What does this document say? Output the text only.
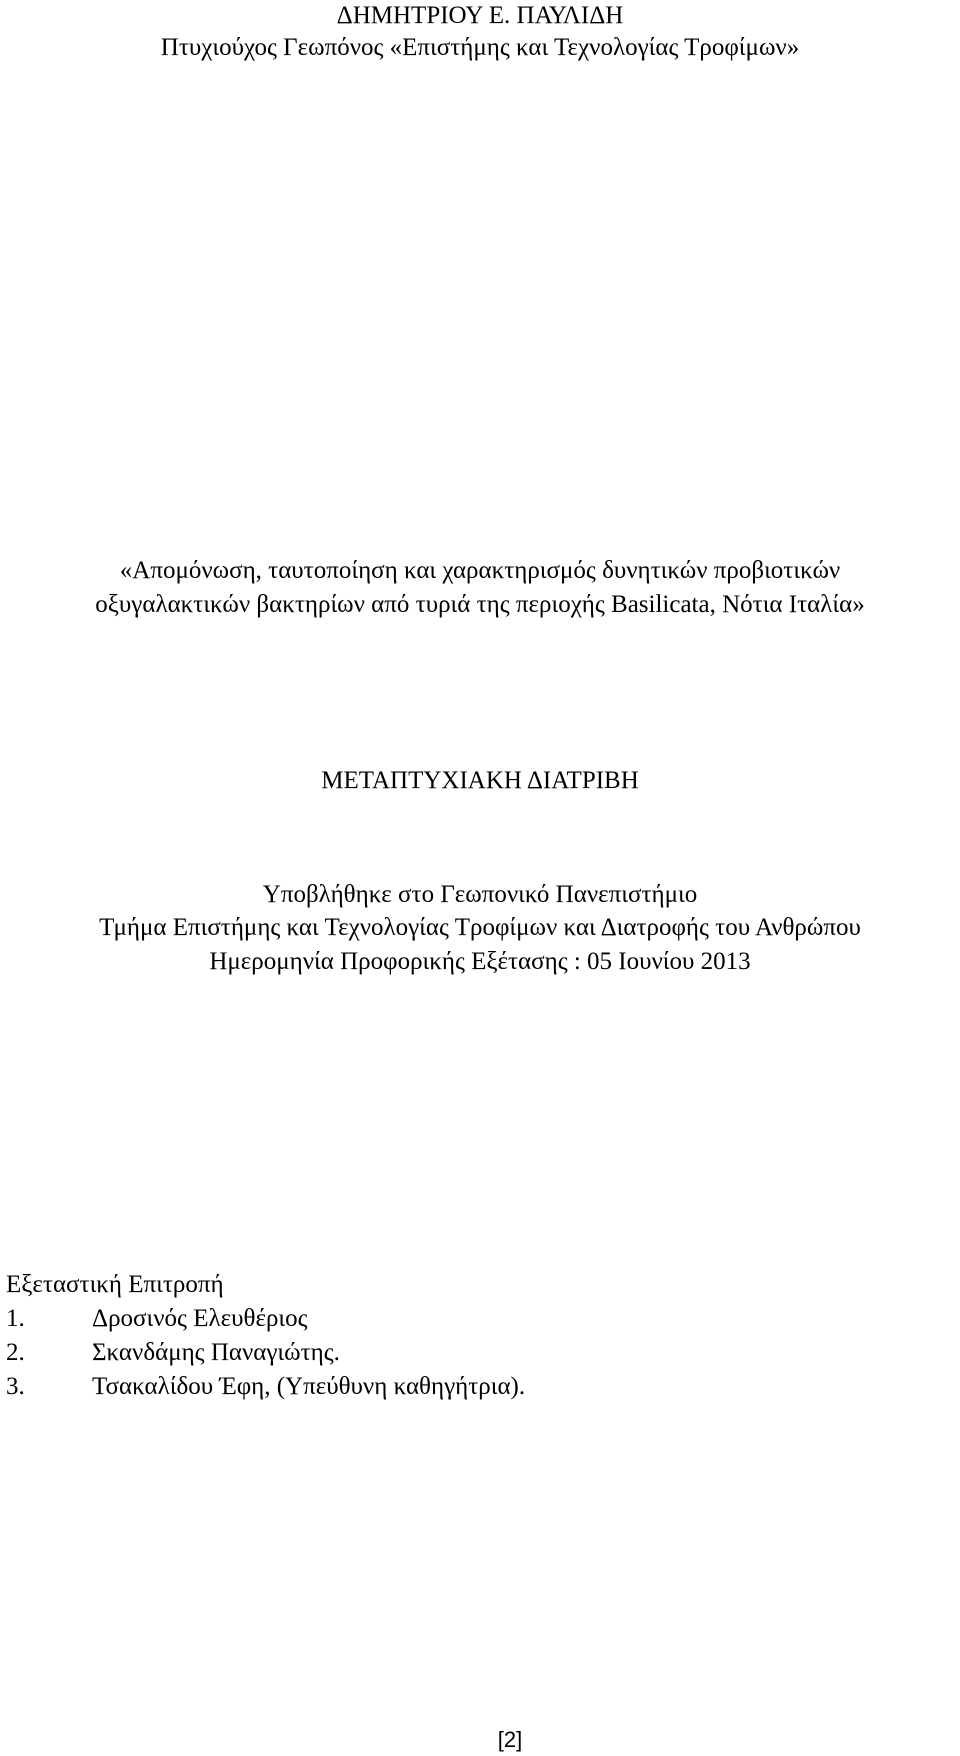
ΔΗΜΗΤΡΙΟΥ Ε. ΠΑΥΛΙΔΗ
Πτυχιούχος Γεωπόνος «Επιστήμης και Τεχνολογίας Τροφίμων»
«Απομόνωση, ταυτοποίηση και χαρακτηρισμός δυνητικών προβιοτικών
οξυγαλακτικών βακτηρίων από τυριά της περιοχής Basilicata, Νότια Ιταλία»
ΜΕΤΑΠΤΥΧΙΑΚΗ ΔΙΑΤΡΙΒΗ
Υποβλήθηκε στο Γεωπονικό Πανεπιστήμιο
Τμήμα Επιστήμης και Τεχνολογίας Τροφίμων και Διατροφής του Ανθρώπου
Ημερομηνία Προφορικής Εξέτασης : 05 Ιουνίου 2013
Εξεταστική Επιτροπή
1.	Δροσινός Ελευθέριος
2.	Σκανδάμης Παναγιώτης.
3.	Τσακαλίδου Έφη, (Υπεύθυνη καθηγήτρια).
[2]
